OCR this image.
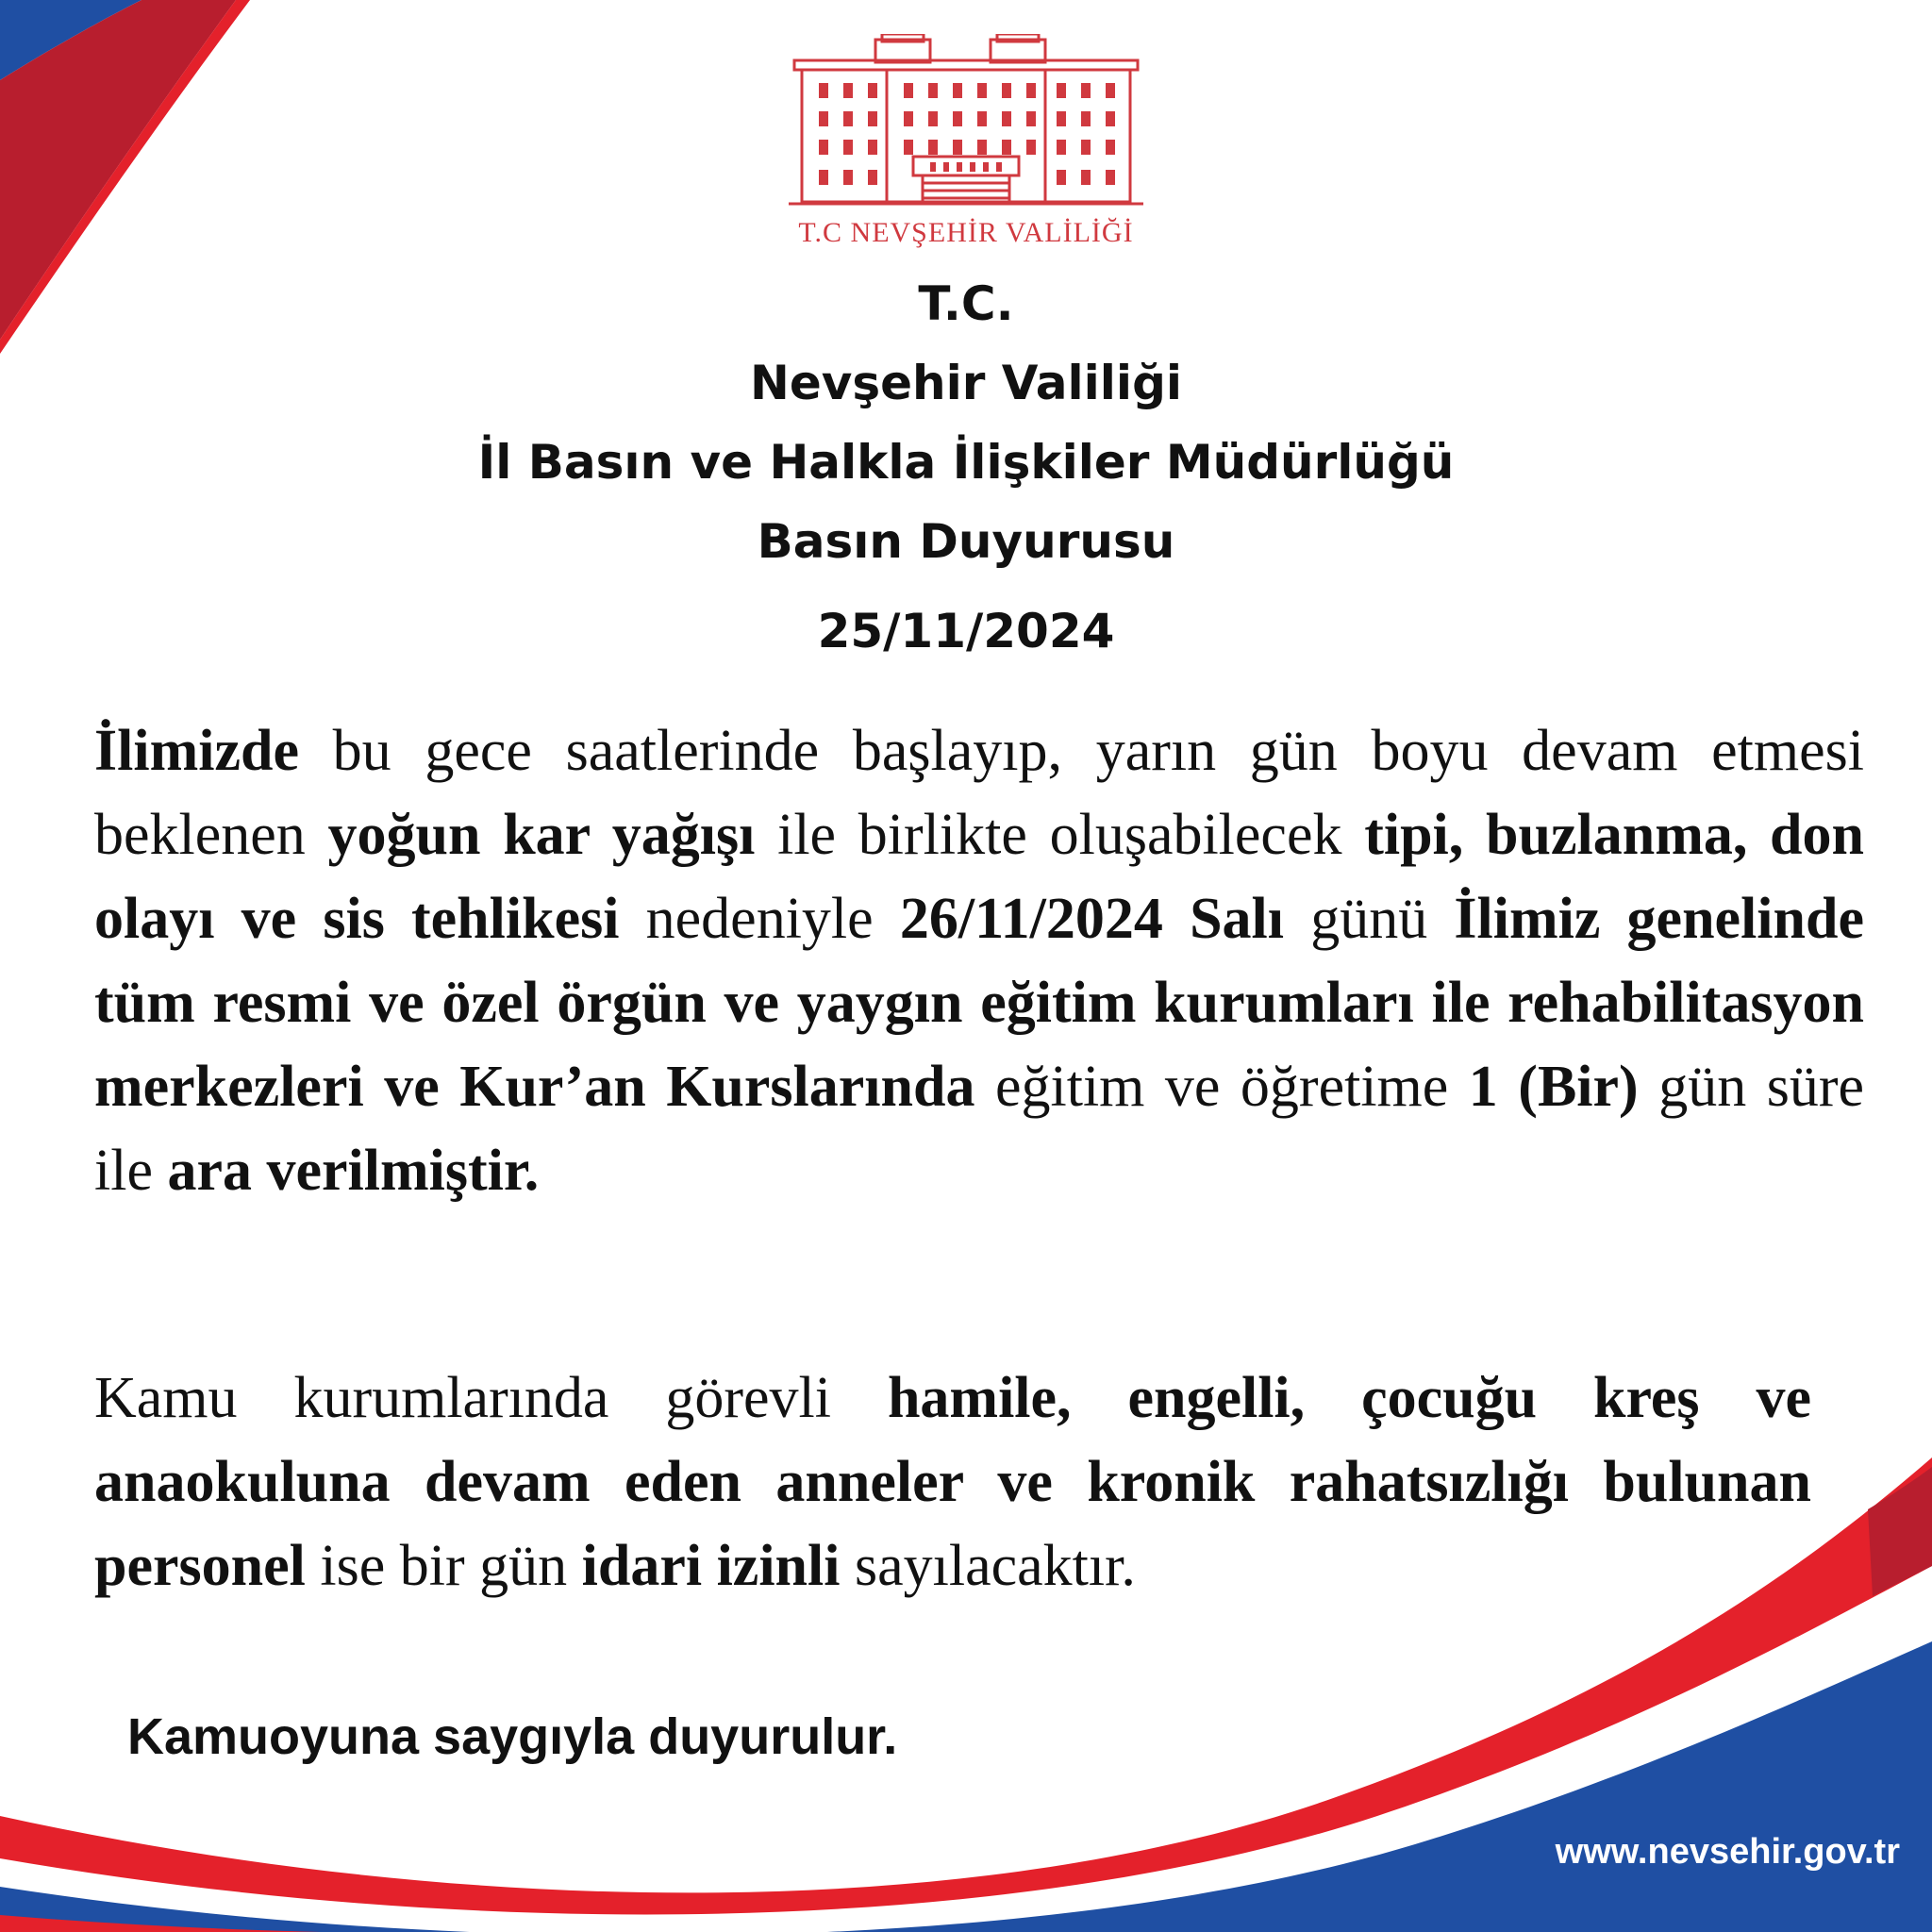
T.C NEVŞEHİR VALİLİĞİ
T.C.
Nevşehir Valiliği
İl Basın ve Halkla İlişkiler Müdürlüğü
Basın Duyurusu
25/11/2024
İlimizde bu gece saatlerinde başlayıp, yarın gün boyu devam etmesi beklenen yoğun kar yağışı ile birlikte oluşabilecek tipi, buzlanma, don olayı ve sis tehlikesi nedeniyle 26/11/2024 Salı günü İlimiz genelinde tüm resmi ve özel örgün ve yaygın eğitim kurumları ile rehabilitasyon merkezleri ve Kur’an Kurslarında eğitim ve öğretime 1 (Bir) gün süre ile ara verilmiştir.
Kamu kurumlarında görevli hamile, engelli, çocuğu kreş ve anaokuluna devam eden anneler ve kronik rahatsızlığı bulunan personel ise bir gün idari izinli sayılacaktır.
Kamuoyuna saygıyla duyurulur.
www.nevsehir.gov.tr
